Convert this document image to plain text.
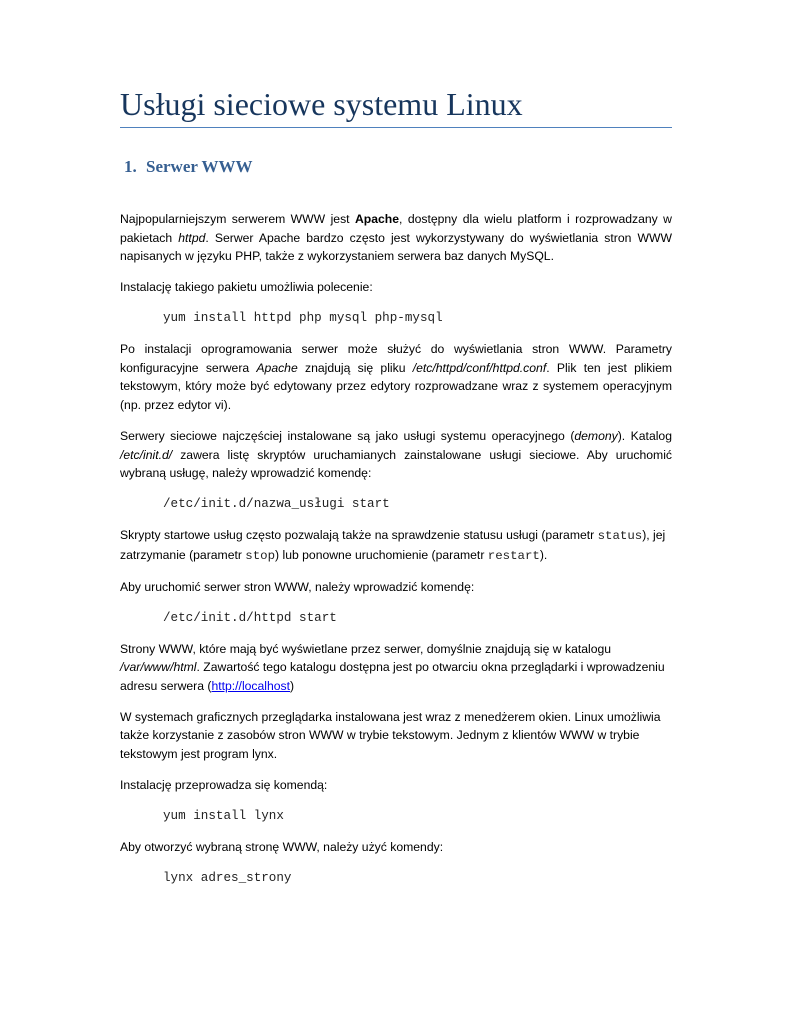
Usługi sieciowe systemu Linux
1. Serwer WWW

Najpopularniejszym serwerem WWW jest Apache, dostępny dla wielu platform i rozprowadzany w pakietach httpd. Serwer Apache bardzo często jest wykorzystywany do wyświetlania stron WWW napisanych w języku PHP, także z wykorzystaniem serwera baz danych MySQL.

Instalację takiego pakietu umożliwia polecenie:

yum install httpd php mysql php-mysql

Po instalacji oprogramowania serwer może służyć do wyświetlania stron WWW. Parametry konfiguracyjne serwera Apache znajdują się pliku /etc/httpd/conf/httpd.conf. Plik ten jest plikiem tekstowym, który może być edytowany przez edytory rozprowadzane wraz z systemem operacyjnym (np. przez edytor vi).

Serwery sieciowe najczęściej instalowane są jako usługi systemu operacyjnego (demony). Katalog /etc/init.d/ zawera listę skryptów uruchamianych zainstalowane usługi sieciowe. Aby uruchomić wybraną usługę, należy wprowadzić komendę:

/etc/init.d/nazwa_usługi start

Skrypty startowe usług często pozwalają także na sprawdzenie statusu usługi (parametr status), jej zatrzymanie (parametr stop) lub ponowne uruchomienie (parametr restart).

Aby uruchomić serwer stron WWW, należy wprowadzić komendę:

/etc/init.d/httpd start

Strony WWW, które mają być wyświetlane przez serwer, domyślnie znajdują się w katalogu /var/www/html. Zawartość tego katalogu dostępna jest po otwarciu okna przeglądarki i wprowadzeniu adresu serwera (http://localhost)

W systemach graficznych przeglądarka instalowana jest wraz z menedżerem okien. Linux umożliwia także korzystanie z zasobów stron WWW w trybie tekstowym. Jednym z klientów WWW w trybie tekstowym jest program lynx.

Instalację przeprowadza się komendą:

yum install lynx

Aby otworzyć wybraną stronę WWW, należy użyć komendy:

lynx adres_strony
